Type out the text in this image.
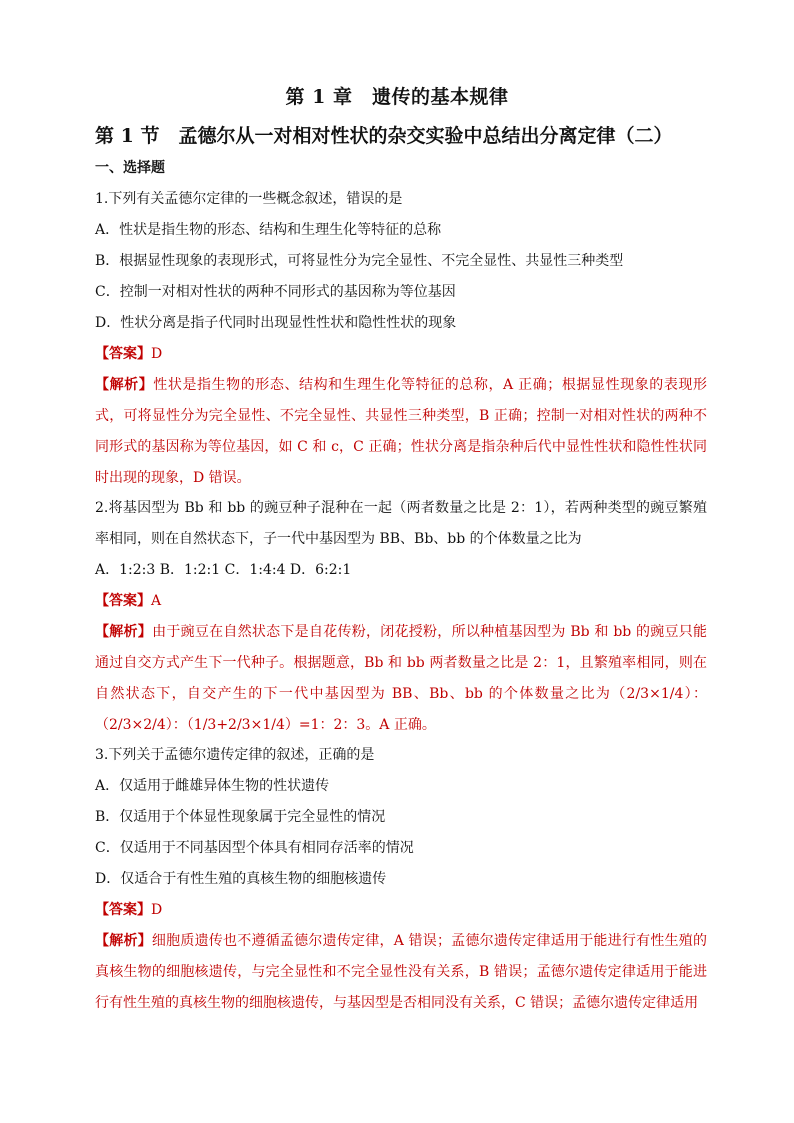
第 1 章　遗传的基本规律
第 1 节　孟德尔从一对相对性状的杂交实验中总结出分离定律（二）
一、选择题
1.下列有关孟德尔定律的一些概念叙述，错误的是
A．性状是指生物的形态、结构和生理生化等特征的总称
B．根据显性现象的表现形式，可将显性分为完全显性、不完全显性、共显性三种类型
C．控制一对相对性状的两种不同形式的基因称为等位基因
D．性状分离是指子代同时出现显性性状和隐性性状的现象
【答案】D
【解析】性状是指生物的形态、结构和生理生化等特征的总称，A 正确；根据显性现象的表现形式，可将显性分为完全显性、不完全显性、共显性三种类型，B 正确；控制一对相对性状的两种不同形式的基因称为等位基因，如 C 和 c，C 正确；性状分离是指杂种后代中显性性状和隐性性状同时出现的现象，D 错误。
2.将基因型为 Bb 和 bb 的豌豆种子混种在一起（两者数量之比是 2：1），若两种类型的豌豆繁殖率相同，则在自然状态下，子一代中基因型为 BB、Bb、bb 的个体数量之比为
A．1:2:3 B．1:2:1 C．1:4:4 D．6:2:1
【答案】A
【解析】由于豌豆在自然状态下是自花传粉，闭花授粉，所以种植基因型为 Bb 和 bb 的豌豆只能通过自交方式产生下一代种子。根据题意，Bb 和 bb 两者数量之比是 2：1，且繁殖率相同，则在自然状态下，自交产生的下一代中基因型为 BB、Bb、bb 的个体数量之比为（2/3×1/4）：（2/3×2/4）：（1/3+2/3×1/4）=1：2：3。A 正确。
3.下列关于孟德尔遗传定律的叙述，正确的是
A．仅适用于雌雄异体生物的性状遗传
B．仅适用于个体显性现象属于完全显性的情况
C．仅适用于不同基因型个体具有相同存活率的情况
D．仅适合于有性生殖的真核生物的细胞核遗传
【答案】D
【解析】细胞质遗传也不遵循孟德尔遗传定律，A 错误；孟德尔遗传定律适用于能进行有性生殖的真核生物的细胞核遗传，与完全显性和不完全显性没有关系，B 错误；孟德尔遗传定律适用于能进行有性生殖的真核生物的细胞核遗传，与基因型是否相同没有关系，C 错误；孟德尔遗传定律适用
